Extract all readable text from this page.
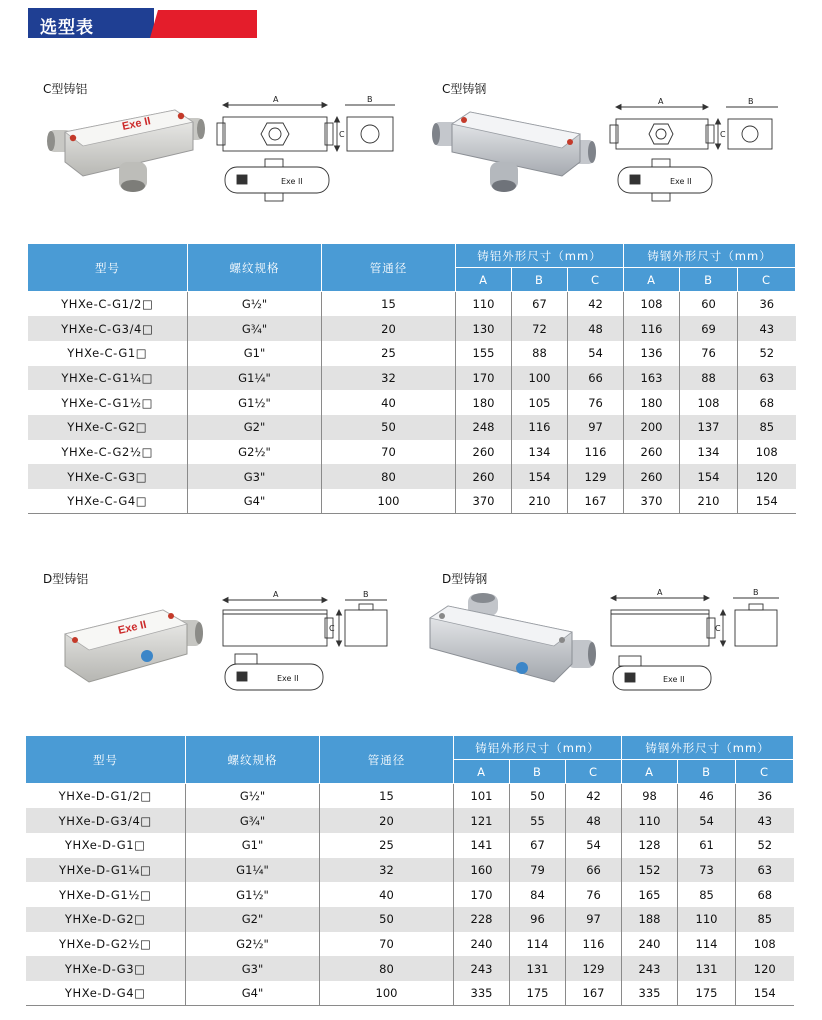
选型表
C型铸铝	C型铸钢
Exe II
A	B
C
Exe II
A	B
C
Exe II
型号	螺纹规格	管通径	铸铝外形尺寸（mm）			铸钢外形尺寸（mm）		
			A	B	C	A	B	C
YHXe-C-G1/2□	G½"	15	110	67	42	108	60	36
YHXe-C-G3/4□	G¾"	20	130	72	48	116	69	43
YHXe-C-G1□	G1"	25	155	88	54	136	76	52
YHXe-C-G1¼□	G1¼"	32	170	100	66	163	88	63
YHXe-C-G1½□	G1½"	40	180	105	76	180	108	68
YHXe-C-G2□	G2"	50	248	116	97	200	137	85
YHXe-C-G2½□	G2½"	70	260	134	116	260	134	108
YHXe-C-G3□	G3"	80	260	154	129	260	154	120
YHXe-C-G4□	G4"	100	370	210	167	370	210	154
D型铸铝	D型铸钢
Exe II
A	B
C
Exe II
A	B
C
Exe II
型号	螺纹规格	管通径	铸铝外形尺寸（mm）			铸钢外形尺寸（mm）		
			A	B	C	A	B	C
YHXe-D-G1/2□	G½"	15	101	50	42	98	46	36
YHXe-D-G3/4□	G¾"	20	121	55	48	110	54	43
YHXe-D-G1□	G1"	25	141	67	54	128	61	52
YHXe-D-G1¼□	G1¼"	32	160	79	66	152	73	63
YHXe-D-G1½□	G1½"	40	170	84	76	165	85	68
YHXe-D-G2□	G2"	50	228	96	97	188	110	85
YHXe-D-G2½□	G2½"	70	240	114	116	240	114	108
YHXe-D-G3□	G3"	80	243	131	129	243	131	120
YHXe-D-G4□	G4"	100	335	175	167	335	175	154
